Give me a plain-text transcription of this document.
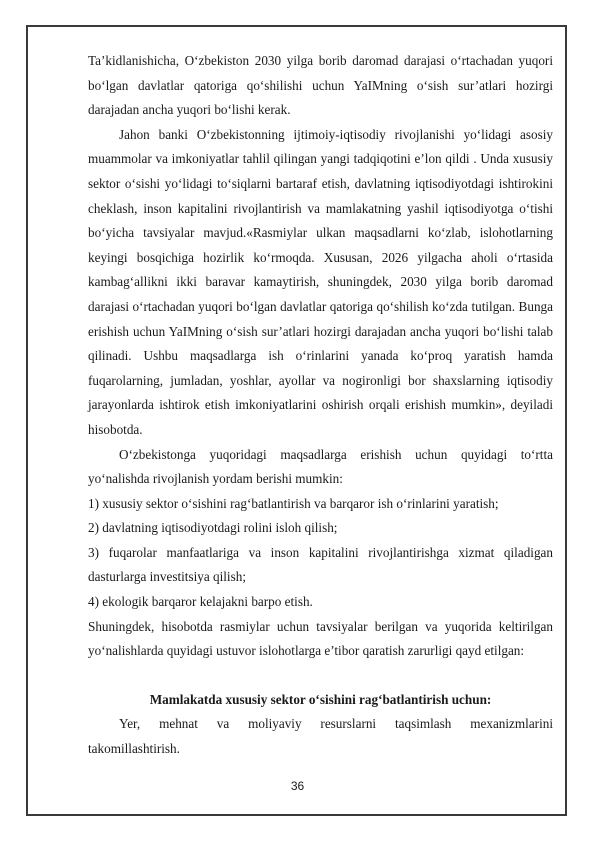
Ta’kidlanishicha, O‘zbekiston 2030 yilga borib daromad darajasi o‘rtachadan yuqori bo‘lgan davlatlar qatoriga qo‘shilishi uchun YaIMning o‘sish sur’atlari hozirgi darajadan ancha yuqori bo‘lishi kerak.

Jahon banki O‘zbekistonning ijtimoiy-iqtisodiy rivojlanishi yo‘lidagi asosiy muammolar va imkoniyatlar tahlil qilingan yangi tadqiqotini e’lon qildi . Unda xususiy sektor o‘sishi yo‘lidagi to‘siqlarni bartaraf etish, davlatning iqtisodiyotdagi ishtirokini cheklash, inson kapitalini rivojlantirish va mamlakatning yashil iqtisodiyotga o‘tishi bo‘yicha tavsiyalar mavjud.«Rasmiylar ulkan maqsadlarni ko‘zlab, islohotlarning keyingi bosqichiga hozirlik ko‘rmoqda. Xususan, 2026 yilgacha aholi o‘rtasida kambag‘allikni ikki baravar kamaytirish, shuningdek, 2030 yilga borib daromad darajasi o‘rtachadan yuqori bo‘lgan davlatlar qatoriga qo‘shilish ko‘zda tutilgan. Bunga erishish uchun YaIMning o‘sish sur’atlari hozirgi darajadan ancha yuqori bo‘lishi talab qilinadi. Ushbu maqsadlarga ish o‘rinlarini yanada ko‘proq yaratish hamda fuqarolarning, jumladan, yoshlar, ayollar va nogironligi bor shaxslarning iqtisodiy jarayonlarda ishtirok etish imkoniyatlarini oshirish orqali erishish mumkin», deyiladi hisobotda.

O‘zbekistonga yuqoridagi maqsadlarga erishish uchun quyidagi to‘rtta yo‘nalishda rivojlanish yordam berishi mumkin:

1) xususiy sektor o‘sishini rag‘batlantirish va barqaror ish o‘rinlarini yaratish;

2) davlatning iqtisodiyotdagi rolini isloh qilish;

3) fuqarolar manfaatlariga va inson kapitalini rivojlantirishga xizmat qiladigan dasturlarga investitsiya qilish;

4) ekologik barqaror kelajakni barpo etish.

Shuningdek, hisobotda rasmiylar uchun tavsiyalar berilgan va yuqorida keltirilgan yo‘nalishlarda quyidagi ustuvor islohotlarga e’tibor qaratish zarurligi qayd etilgan:

Mamlakatda xususiy sektor o‘sishini rag‘batlantirish uchun:

Yer, mehnat va moliyaviy resurslarni taqsimlash mexanizmlarini takomillashtirish.

36
